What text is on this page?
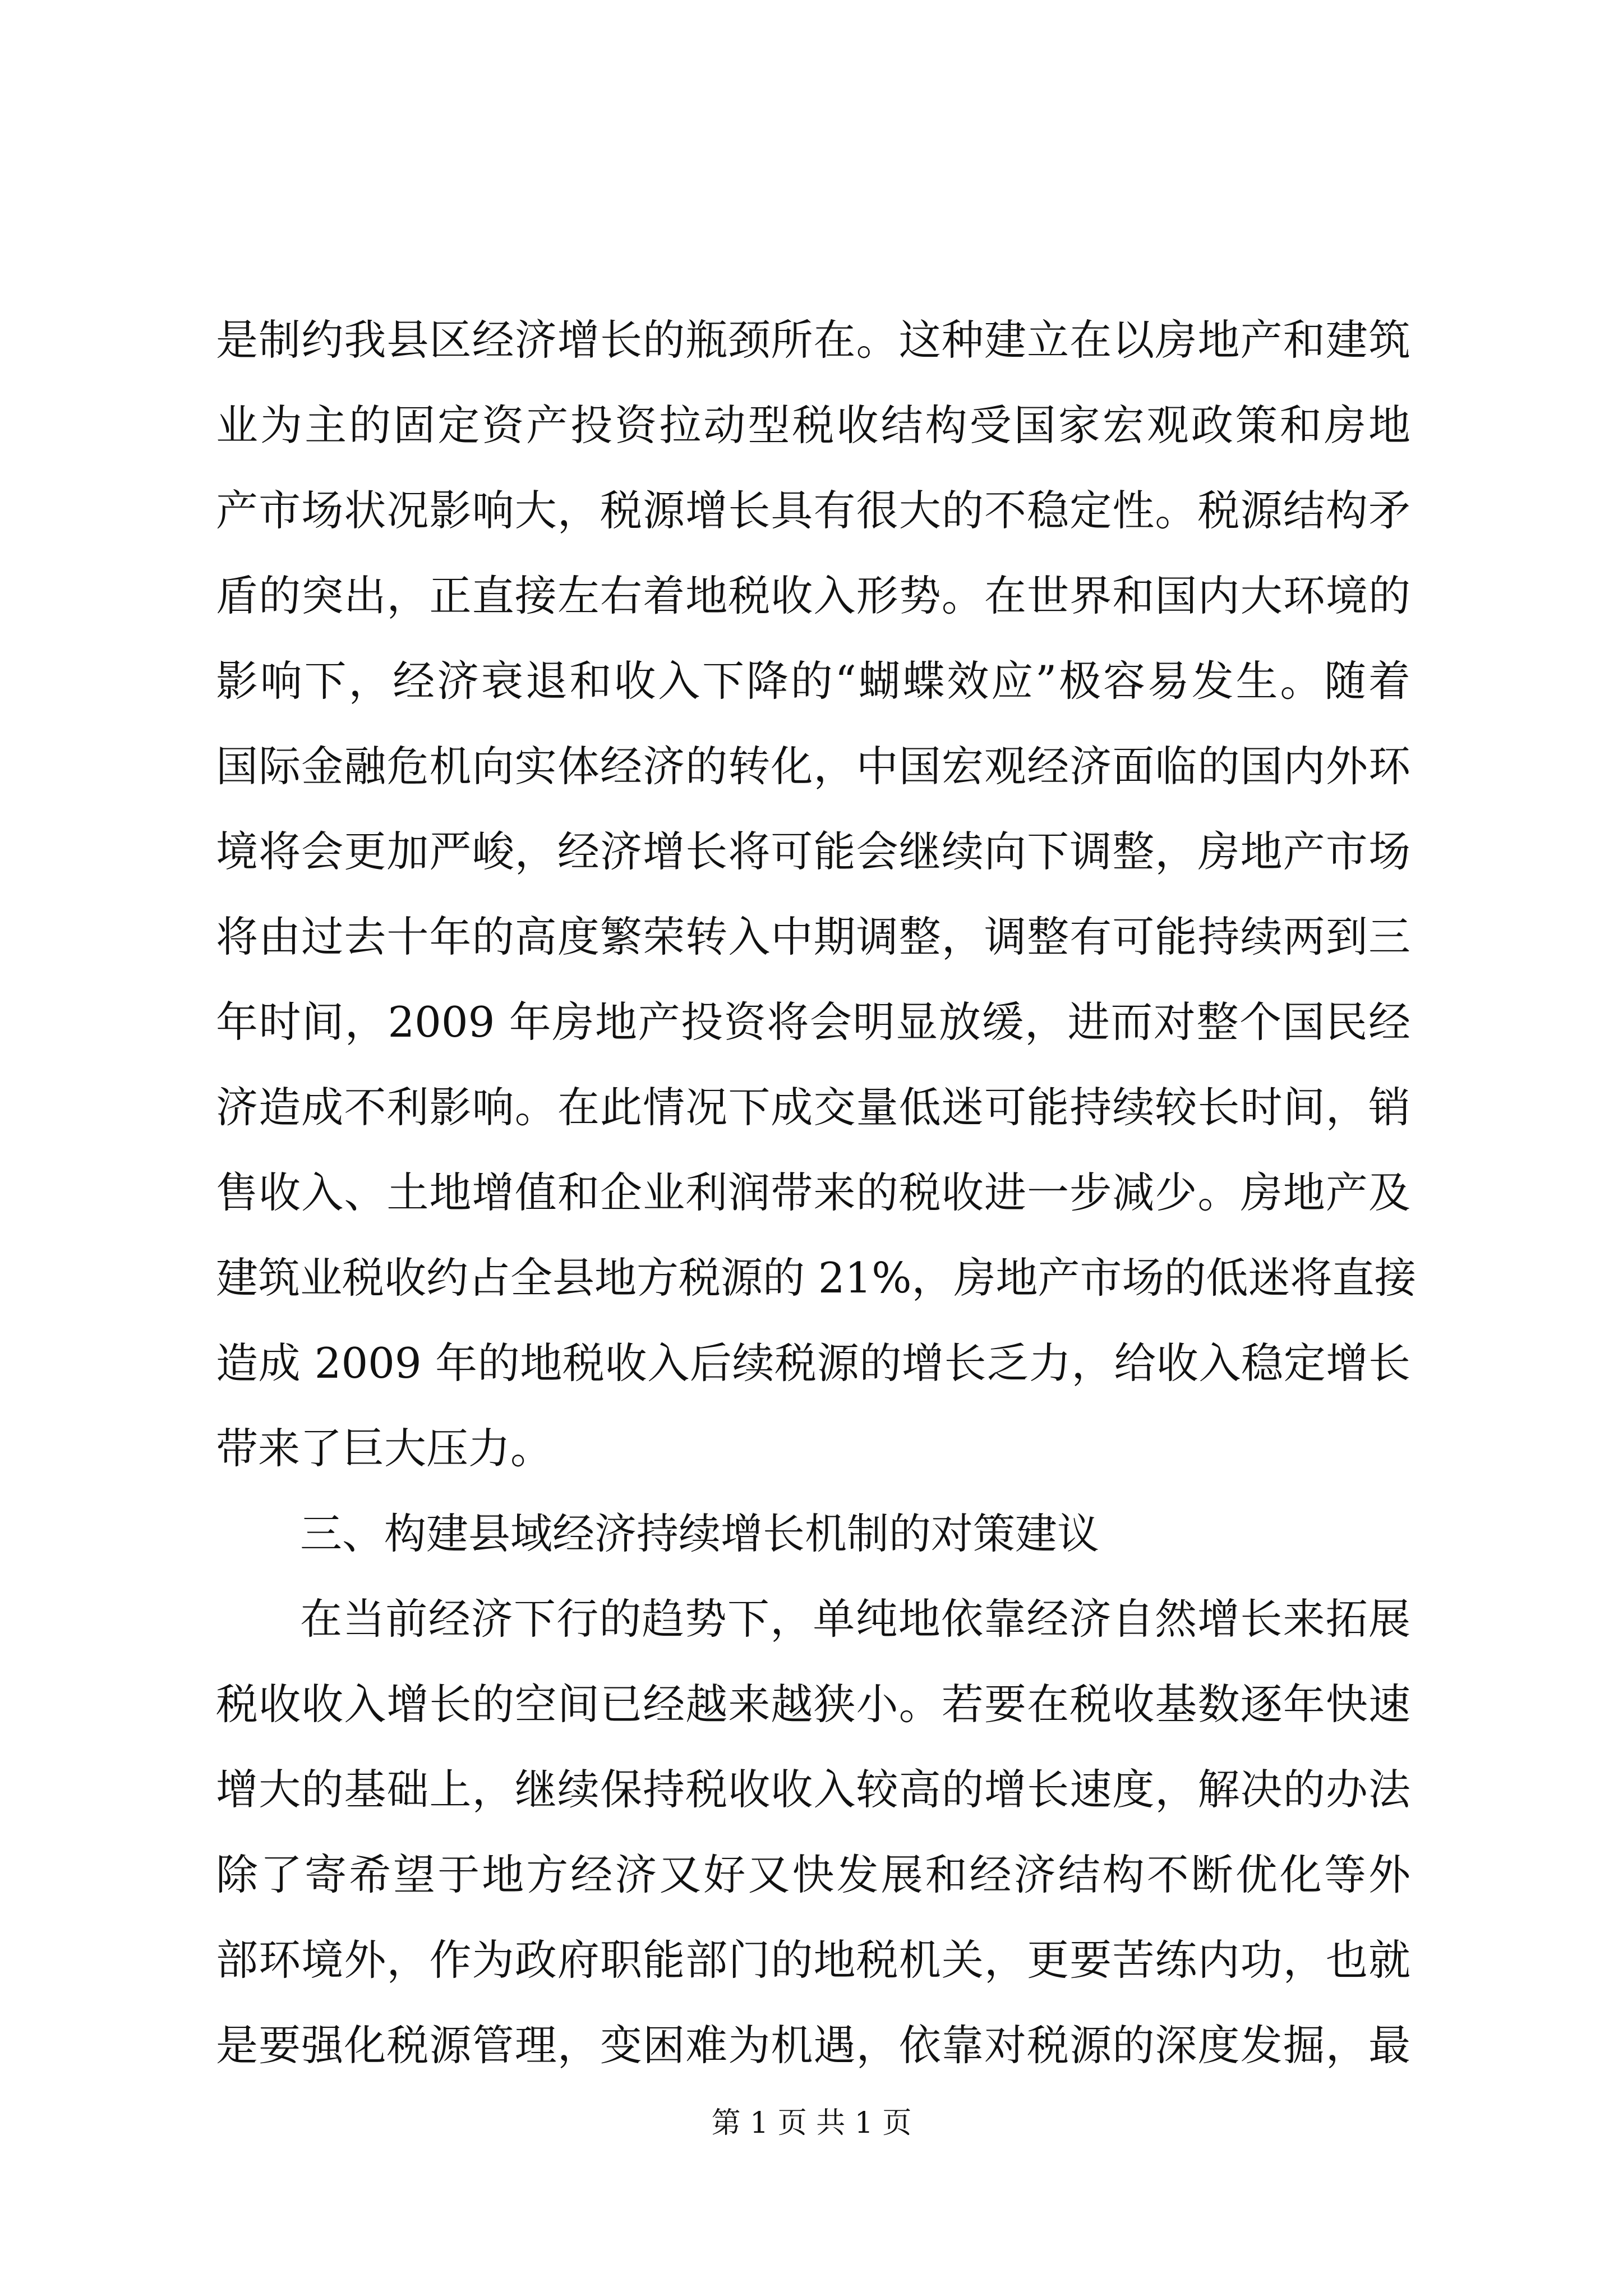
是制约我县区经济增长的瓶颈所在。这种建立在以房地产和建筑
业为主的固定资产投资拉动型税收结构受国家宏观政策和房地
产市场状况影响大，税源增长具有很大的不稳定性。税源结构矛
盾的突出，正直接左右着地税收入形势。在世界和国内大环境的
影响下，经济衰退和收入下降的“蝴蝶效应”极容易发生。随着
国际金融危机向实体经济的转化，中国宏观经济面临的国内外环
境将会更加严峻，经济增长将可能会继续向下调整，房地产市场
将由过去十年的高度繁荣转入中期调整，调整有可能持续两到三
年时间，2009 年房地产投资将会明显放缓，进而对整个国民经
济造成不利影响。在此情况下成交量低迷可能持续较长时间，销
售收入、土地增值和企业利润带来的税收进一步减少。房地产及
建筑业税收约占全县地方税源的 21%，房地产市场的低迷将直接
造成 2009 年的地税收入后续税源的增长乏力，给收入稳定增长
带来了巨大压力。
三、构建县域经济持续增长机制的对策建议
在当前经济下行的趋势下，单纯地依靠经济自然增长来拓展
税收收入增长的空间已经越来越狭小。若要在税收基数逐年快速
增大的基础上，继续保持税收收入较高的增长速度，解决的办法
除了寄希望于地方经济又好又快发展和经济结构不断优化等外
部环境外，作为政府职能部门的地税机关，更要苦练内功，也就
是要强化税源管理，变困难为机遇，依靠对税源的深度发掘，最
第 1 页 共 1 页
